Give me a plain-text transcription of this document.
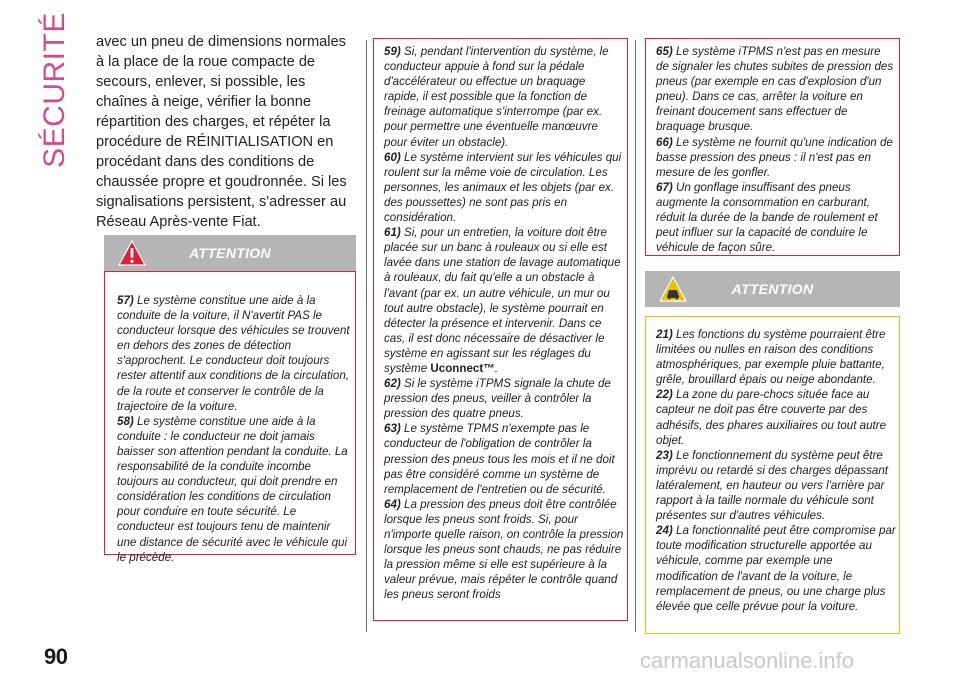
SÉCURITÉ avec un pneu de dimensions normales à la place de la roue compacte de secours, enlever, si possible, les chaînes à neige, vérifier la bonne répartition des charges, et répéter la procédure de RÉINITIALISATION en procédant dans des conditions de chaussée propre et goudronnée. Si les signalisations persistent, s'adresser au Réseau Après-vente Fiat.

ATTENTION

57) Le système constitue une aide à la conduite de la voiture, il N'avertit PAS le conducteur lorsque des véhicules se trouvent en dehors des zones de détection s'approchent. Le conducteur doit toujours rester attentif aux conditions de la circulation, de la route et conserver le contrôle de la trajectoire de la voiture.

58) Le système constitue une aide à la conduite : le conducteur ne doit jamais baisser son attention pendant la conduite. La responsabilité de la conduite incombe toujours au conducteur, qui doit prendre en considération les conditions de circulation pour conduire en toute sécurité. Le conducteur est toujours tenu de maintenir une distance de sécurité avec le véhicule qui le précède.

59) Si, pendant l'intervention du système, le conducteur appuie à fond sur la pédale d'accélérateur ou effectue un braquage rapide, il est possible que la fonction de freinage automatique s'interrompe (par ex. pour permettre une éventuelle manœuvre pour éviter un obstacle).

60) Le système intervient sur les véhicules qui roulent sur la même voie de circulation. Les personnes, les animaux et les objets (par ex. des poussettes) ne sont pas pris en considération.

61) Si, pour un entretien, la voiture doit être placée sur un banc à rouleaux ou si elle est lavée dans une station de lavage automatique à rouleaux, du fait qu'elle a un obstacle à l'avant (par ex. un autre véhicule, un mur ou tout autre obstacle), le système pourrait en détecter la présence et intervenir. Dans ce cas, il est donc nécessaire de désactiver le système en agissant sur les réglages du système Uconnect™.

62) Si le système iTPMS signale la chute de pression des pneus, veiller à contrôler la pression des quatre pneus.

63) Le système TPMS n'exempte pas le conducteur de l'obligation de contrôler la pression des pneus tous les mois et il ne doit pas être considéré comme un système de remplacement de l'entretien ou de sécurité.

64) La pression des pneus doit être contrôlée lorsque les pneus sont froids. Si, pour n'importe quelle raison, on contrôle la pression lorsque les pneus sont chauds, ne pas réduire la pression même si elle est supérieure à la valeur prévue, mais répéter le contrôle quand les pneus seront froids

65) Le système iTPMS n'est pas en mesure de signaler les chutes subites de pression des pneus (par exemple en cas d'explosion d'un pneu). Dans ce cas, arrêter la voiture en freinant doucement sans effectuer de braquage brusque.

66) Le système ne fournit qu'une indication de basse pression des pneus : il n'est pas en mesure de les gonfler.

67) Un gonflage insuffisant des pneus augmente la consommation en carburant, réduit la durée de la bande de roulement et peut influer sur la capacité de conduire le véhicule de façon sûre.

ATTENTION

21) Les fonctions du système pourraient être limitées ou nulles en raison des conditions atmosphériques, par exemple pluie battante, grêle, brouillard épais ou neige abondante.

22) La zone du pare-chocs située face au capteur ne doit pas être couverte par des adhésifs, des phares auxiliaires ou tout autre objet.

23) Le fonctionnement du système peut être imprévu ou retardé si des charges dépassant latéralement, en hauteur ou vers l'arrière par rapport à la taille normale du véhicule sont présentes sur d'autres véhicules.

24) La fonctionnalité peut être compromise par toute modification structurelle apportée au véhicule, comme par exemple une modification de l'avant de la voiture, le remplacement de pneus, ou une charge plus élevée que celle prévue pour la voiture.

90	carmanualsonline.info
